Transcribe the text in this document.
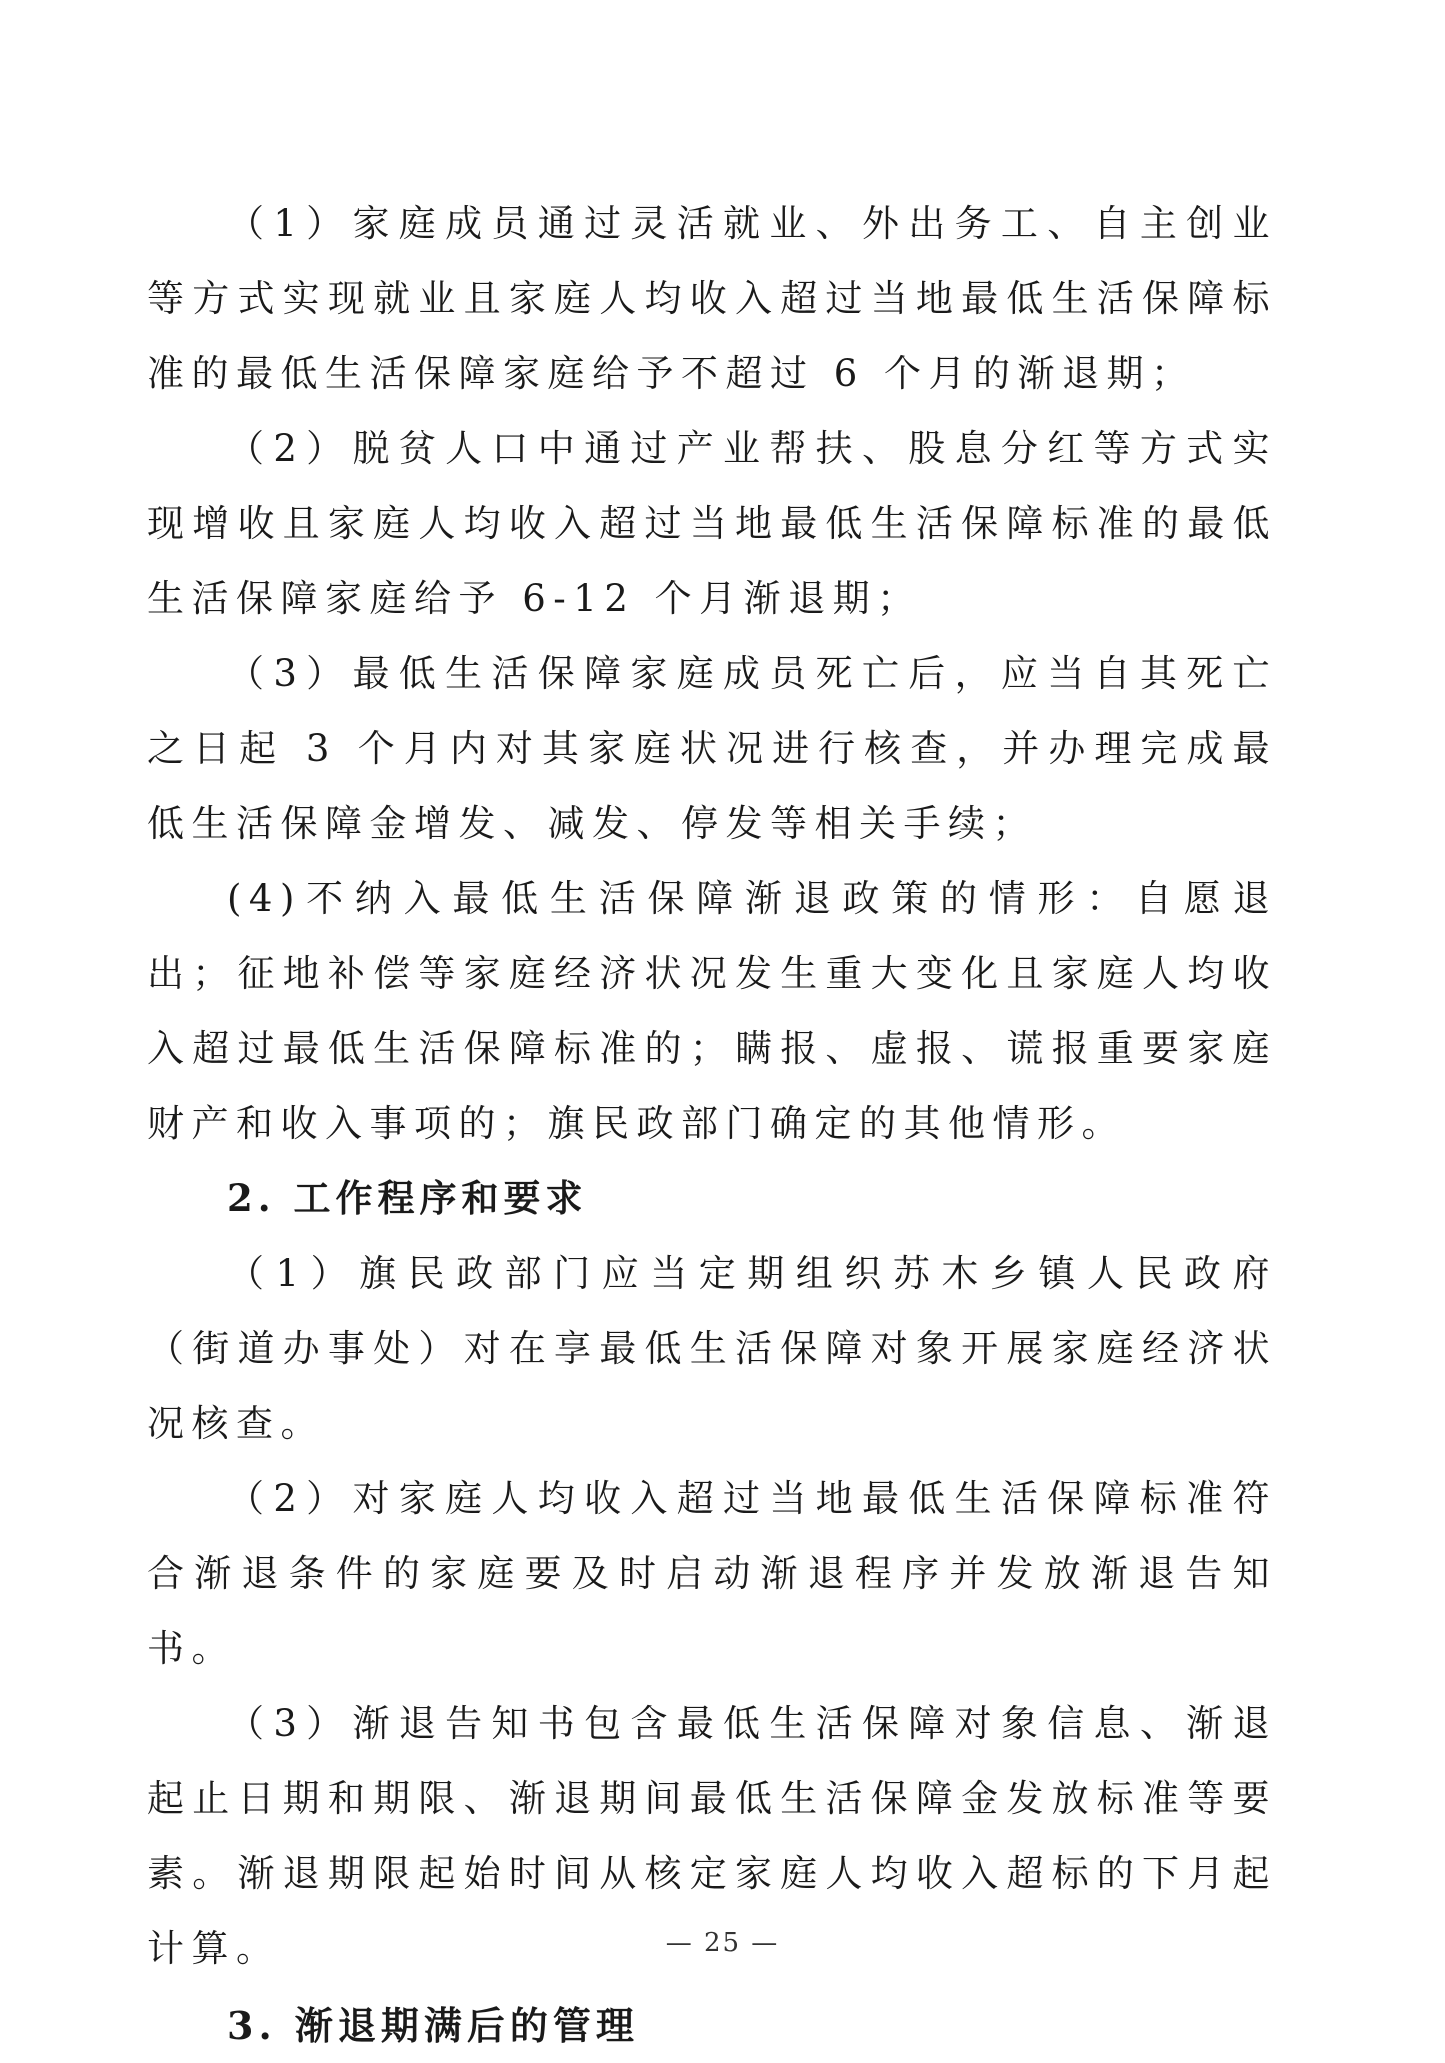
（1）家庭成员通过灵活就业、外出务工、自主创业等方式实现就业且家庭人均收入超过当地最低生活保障标准的最低生活保障家庭给予不超过 6 个月的渐退期；

（2）脱贫人口中通过产业帮扶、股息分红等方式实现增收且家庭人均收入超过当地最低生活保障标准的最低生活保障家庭给予 6-12 个月渐退期；

（3）最低生活保障家庭成员死亡后，应当自其死亡之日起 3 个月内对其家庭状况进行核查，并办理完成最低生活保障金增发、减发、停发等相关手续；

(4)不纳入最低生活保障渐退政策的情形：自愿退出；征地补偿等家庭经济状况发生重大变化且家庭人均收入超过最低生活保障标准的；瞒报、虚报、谎报重要家庭财产和收入事项的；旗民政部门确定的其他情形。

2. 工作程序和要求

（1）旗民政部门应当定期组织苏木乡镇人民政府（街道办事处）对在享最低生活保障对象开展家庭经济状况核查。

（2）对家庭人均收入超过当地最低生活保障标准符合渐退条件的家庭要及时启动渐退程序并发放渐退告知书。

（3）渐退告知书包含最低生活保障对象信息、渐退起止日期和期限、渐退期间最低生活保障金发放标准等要素。渐退期限起始时间从核定家庭人均收入超标的下月起计算。

3. 渐退期满后的管理

— 25 —
